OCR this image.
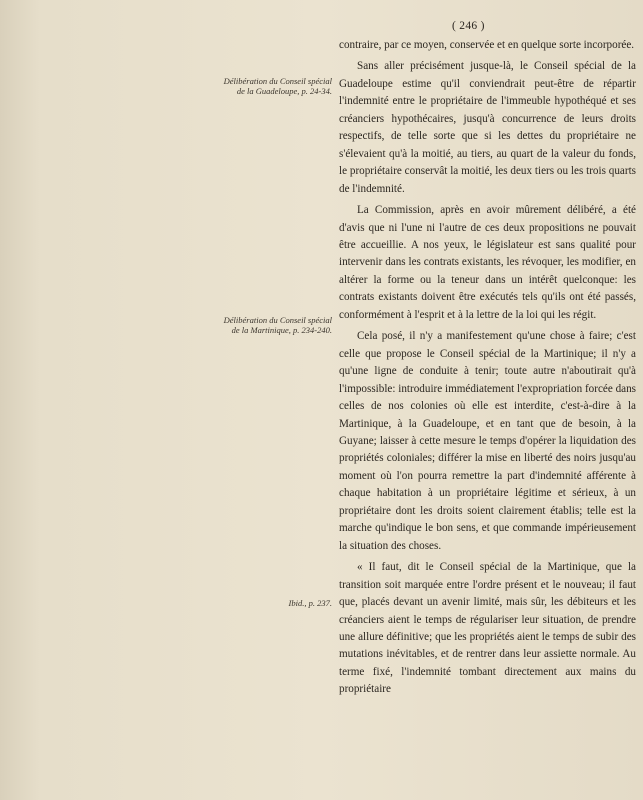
( 246 )
Délibération du Conseil spécial
de la Guadeloupe, p. 24-34.
Délibération du Conseil spécial
de la Martinique, p. 234-240.
Ibid., p. 237.

contraire, par ce moyen, conservée et en quelque sorte incorporée.

Sans aller précisément jusque-là, le Conseil spécial de la Guadeloupe estime qu'il conviendrait peut-être de répartir l'indemnité entre le propriétaire de l'immeuble hypothéqué et ses créanciers hypothécaires, jusqu'à concurrence de leurs droits respectifs, de telle sorte que si les dettes du propriétaire ne s'élevaient qu'à la moitié, au tiers, au quart de la valeur du fonds, le propriétaire conservât la moitié, les deux tiers ou les trois quarts de l'indemnité.

La Commission, après en avoir mûrement délibéré, a été d'avis que ni l'une ni l'autre de ces deux propositions ne pouvait être accueillie. A nos yeux, le législateur est sans qualité pour intervenir dans les contrats existants, les révoquer, les modifier, en altérer la forme ou la teneur dans un intérêt quelconque: les contrats existants doivent être exécutés tels qu'ils ont été passés, conformément à l'esprit et à la lettre de la loi qui les régit.

Cela posé, il n'y a manifestement qu'une chose à faire; c'est celle que propose le Conseil spécial de la Martinique; il n'y a qu'une ligne de conduite à tenir; toute autre n'aboutirait qu'à l'impossible: introduire immédiatement l'expropriation forcée dans celles de nos colonies où elle est interdite, c'est-à-dire à la Martinique, à la Guadeloupe, et en tant que de besoin, à la Guyane; laisser à cette mesure le temps d'opérer la liquidation des propriétés coloniales; différer la mise en liberté des noirs jusqu'au moment où l'on pourra remettre la part d'indemnité afférente à chaque habitation à un propriétaire légitime et sérieux, à un propriétaire dont les droits soient clairement établis; telle est la marche qu'indique le bon sens, et que commande impérieusement la situation des choses.

« Il faut, dit le Conseil spécial de la Martinique, que la transition soit marquée entre l'ordre présent et le nouveau; il faut que, placés devant un avenir limité, mais sûr, les débiteurs et les créanciers aient le temps de régulariser leur situation, de prendre une allure définitive; que les propriétés aient le temps de subir des mutations inévitables, et de rentrer dans leur assiette normale. Au terme fixé, l'indemnité tombant directement aux mains du propriétaire
